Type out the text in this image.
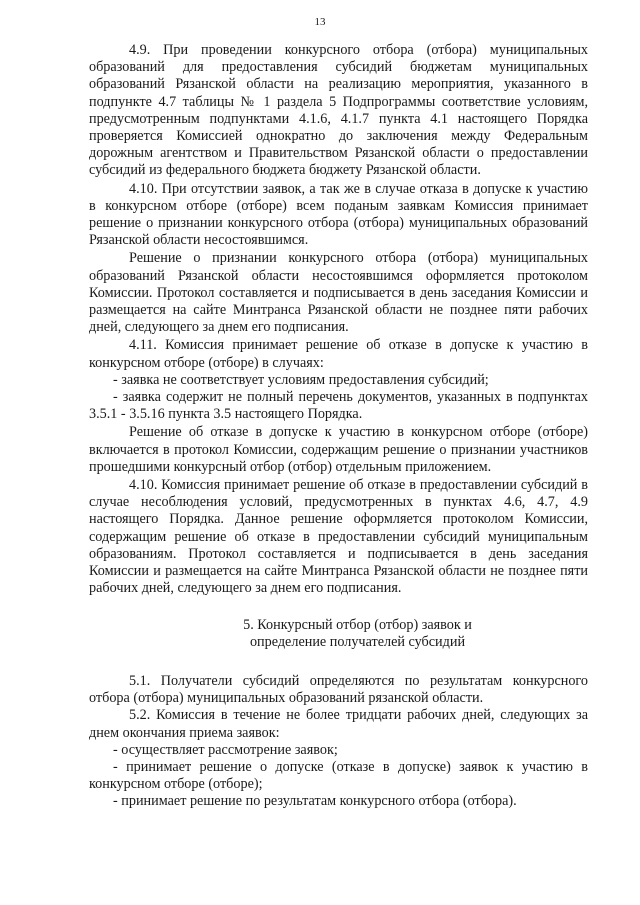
13

4.9. При проведении конкурсного отбора (отбора) муниципальных образований для предоставления субсидий бюджетам муниципальных образований Рязанской области на реализацию мероприятия, указанного в подпункте 4.7 таблицы № 1 раздела 5 Подпрограммы соответствие условиям, предусмотренным подпунктами 4.1.6, 4.1.7 пункта 4.1 настоящего Порядка проверяется Комиссией однократно до заключения между Федеральным дорожным агентством и Правительством Рязанской области о предоставлении субсидий из федерального бюджета бюджету Рязанской области.

4.10. При отсутствии заявок, а так же в случае отказа в допуске к участию в конкурсном отборе (отборе) всем поданым заявкам Комиссия принимает решение о признании конкурсного отбора (отбора) муниципальных образований Рязанской области несостоявшимся.

Решение о признании конкурсного отбора (отбора) муниципальных образований Рязанской области несостоявшимся оформляется протоколом Комиссии. Протокол составляется и подписывается в день заседания Комиссии и размещается на сайте Минтранса Рязанской области не позднее пяти рабочих дней, следующего за днем его подписания.

4.11. Комиссия принимает решение об отказе в допуске к участию в конкурсном отборе (отборе) в случаях:

- заявка не соответствует условиям предоставления субсидий;

- заявка содержит не полный перечень документов, указанных в подпунктах 3.5.1 - 3.5.16 пункта 3.5 настоящего Порядка.

Решение об отказе в допуске к участию в конкурсном отборе (отборе) включается в протокол Комиссии, содержащим решение о признании участников прошедшими конкурсный отбор (отбор) отдельным приложением.

4.10. Комиссия принимает решение об отказе в предоставлении субсидий в случае несоблюдения условий, предусмотренных в пунктах 4.6, 4.7, 4.9 настоящего Порядка. Данное решение оформляется протоколом Комиссии, содержащим решение об отказе в предоставлении субсидий муниципальным образованиям. Протокол составляется и подписывается в день заседания Комиссии и размещается на сайте Минтранса Рязанской области не позднее пяти рабочих дней, следующего за днем его подписания.

5. Конкурсный отбор (отбор) заявок и
определение получателей субсидий

5.1. Получатели субсидий определяются по результатам конкурсного отбора (отбора) муниципальных образований рязанской области.

5.2. Комиссия в течение не более тридцати рабочих дней, следующих за днем окончания приема заявок:

- осуществляет рассмотрение заявок;

- принимает решение о допуске (отказе в допуске) заявок к участию в конкурсном отборе (отборе);

- принимает решение по результатам конкурсного отбора (отбора).
